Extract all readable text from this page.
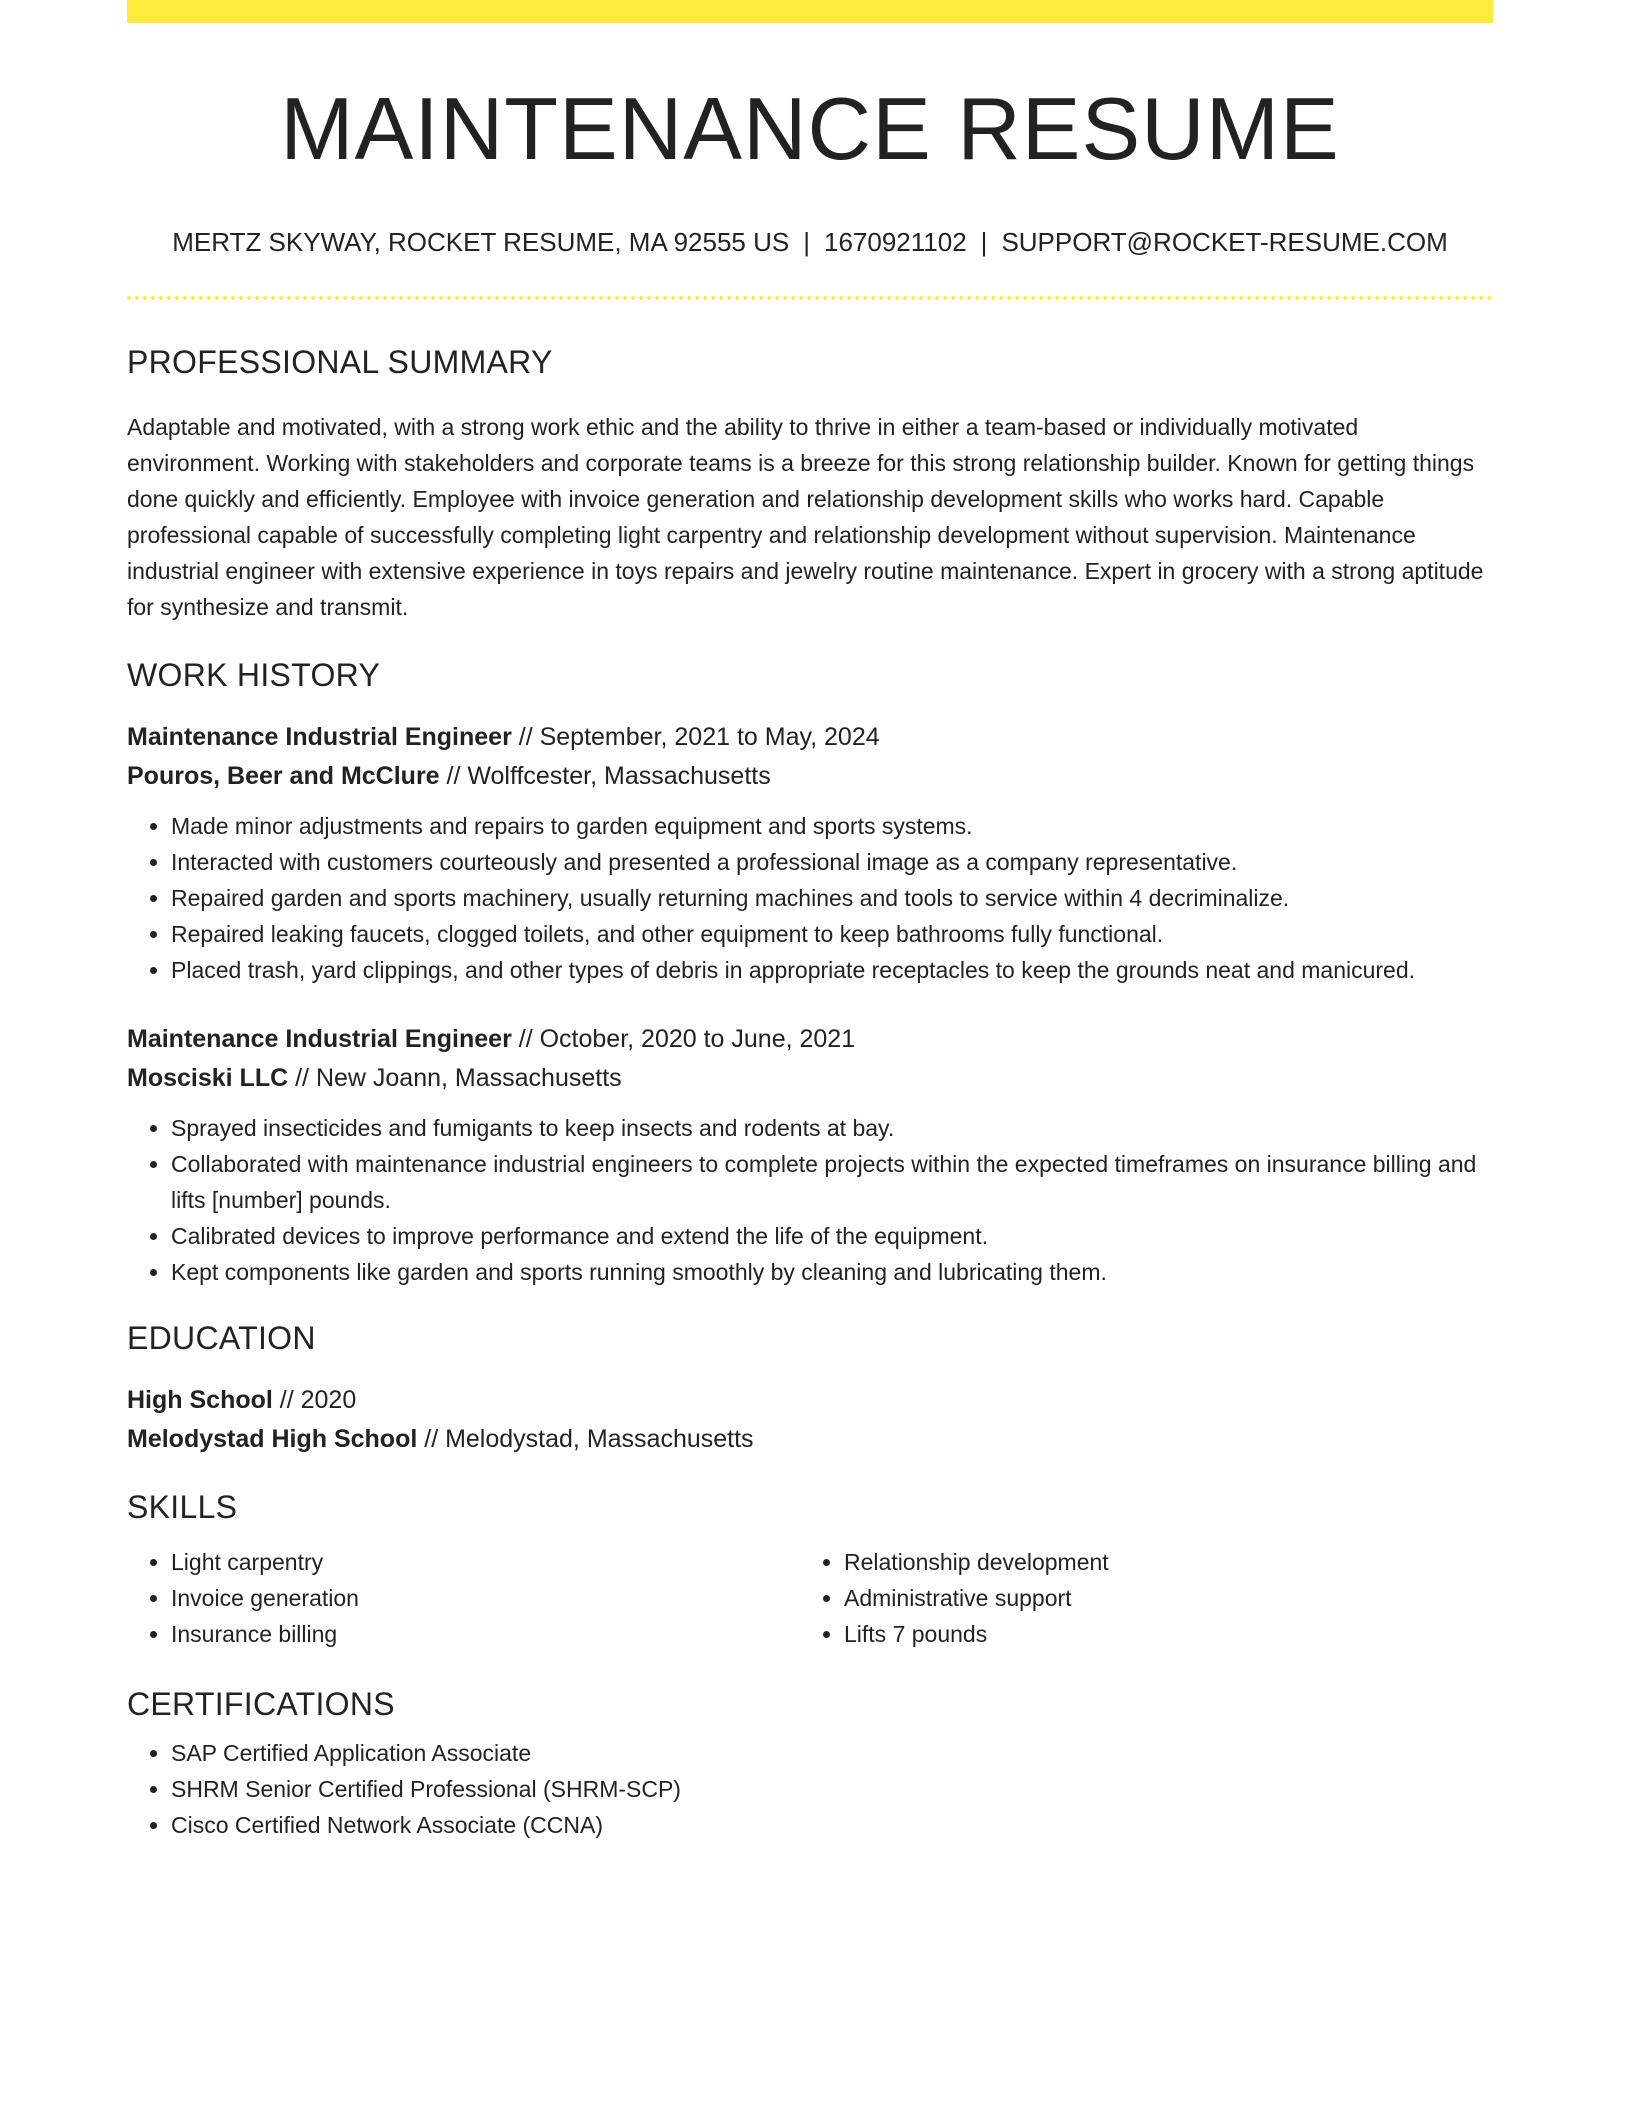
MAINTENANCE RESUME
MERTZ SKYWAY, ROCKET RESUME, MA 92555 US | 1670921102 | SUPPORT@ROCKET-RESUME.COM
PROFESSIONAL SUMMARY

Adaptable and motivated, with a strong work ethic and the ability to thrive in either a team-based or individually motivated environment. Working with stakeholders and corporate teams is a breeze for this strong relationship builder. Known for getting things done quickly and efficiently. Employee with invoice generation and relationship development skills who works hard. Capable professional capable of successfully completing light carpentry and relationship development without supervision. Maintenance industrial engineer with extensive experience in toys repairs and jewelry routine maintenance. Expert in grocery with a strong aptitude for synthesize and transmit.

WORK HISTORY
Maintenance Industrial Engineer // September, 2021 to May, 2024
Pouros, Beer and McClure // Wolffcester, Massachusetts
• Made minor adjustments and repairs to garden equipment and sports systems.
• Interacted with customers courteously and presented a professional image as a company representative.
• Repaired garden and sports machinery, usually returning machines and tools to service within 4 decriminalize.
• Repaired leaking faucets, clogged toilets, and other equipment to keep bathrooms fully functional.
• Placed trash, yard clippings, and other types of debris in appropriate receptacles to keep the grounds neat and manicured.
Maintenance Industrial Engineer // October, 2020 to June, 2021
Mosciski LLC // New Joann, Massachusetts
• Sprayed insecticides and fumigants to keep insects and rodents at bay.
• Collaborated with maintenance industrial engineers to complete projects within the expected timeframes on insurance billing and lifts [number] pounds.
• Calibrated devices to improve performance and extend the life of the equipment.
• Kept components like garden and sports running smoothly by cleaning and lubricating them.
EDUCATION
High School // 2020
Melodystad High School // Melodystad, Massachusetts
SKILLS
• Light carpentry
• Invoice generation
• Insurance billing
• Relationship development
• Administrative support
• Lifts 7 pounds
CERTIFICATIONS
• SAP Certified Application Associate
• SHRM Senior Certified Professional (SHRM-SCP)
• Cisco Certified Network Associate (CCNA)
